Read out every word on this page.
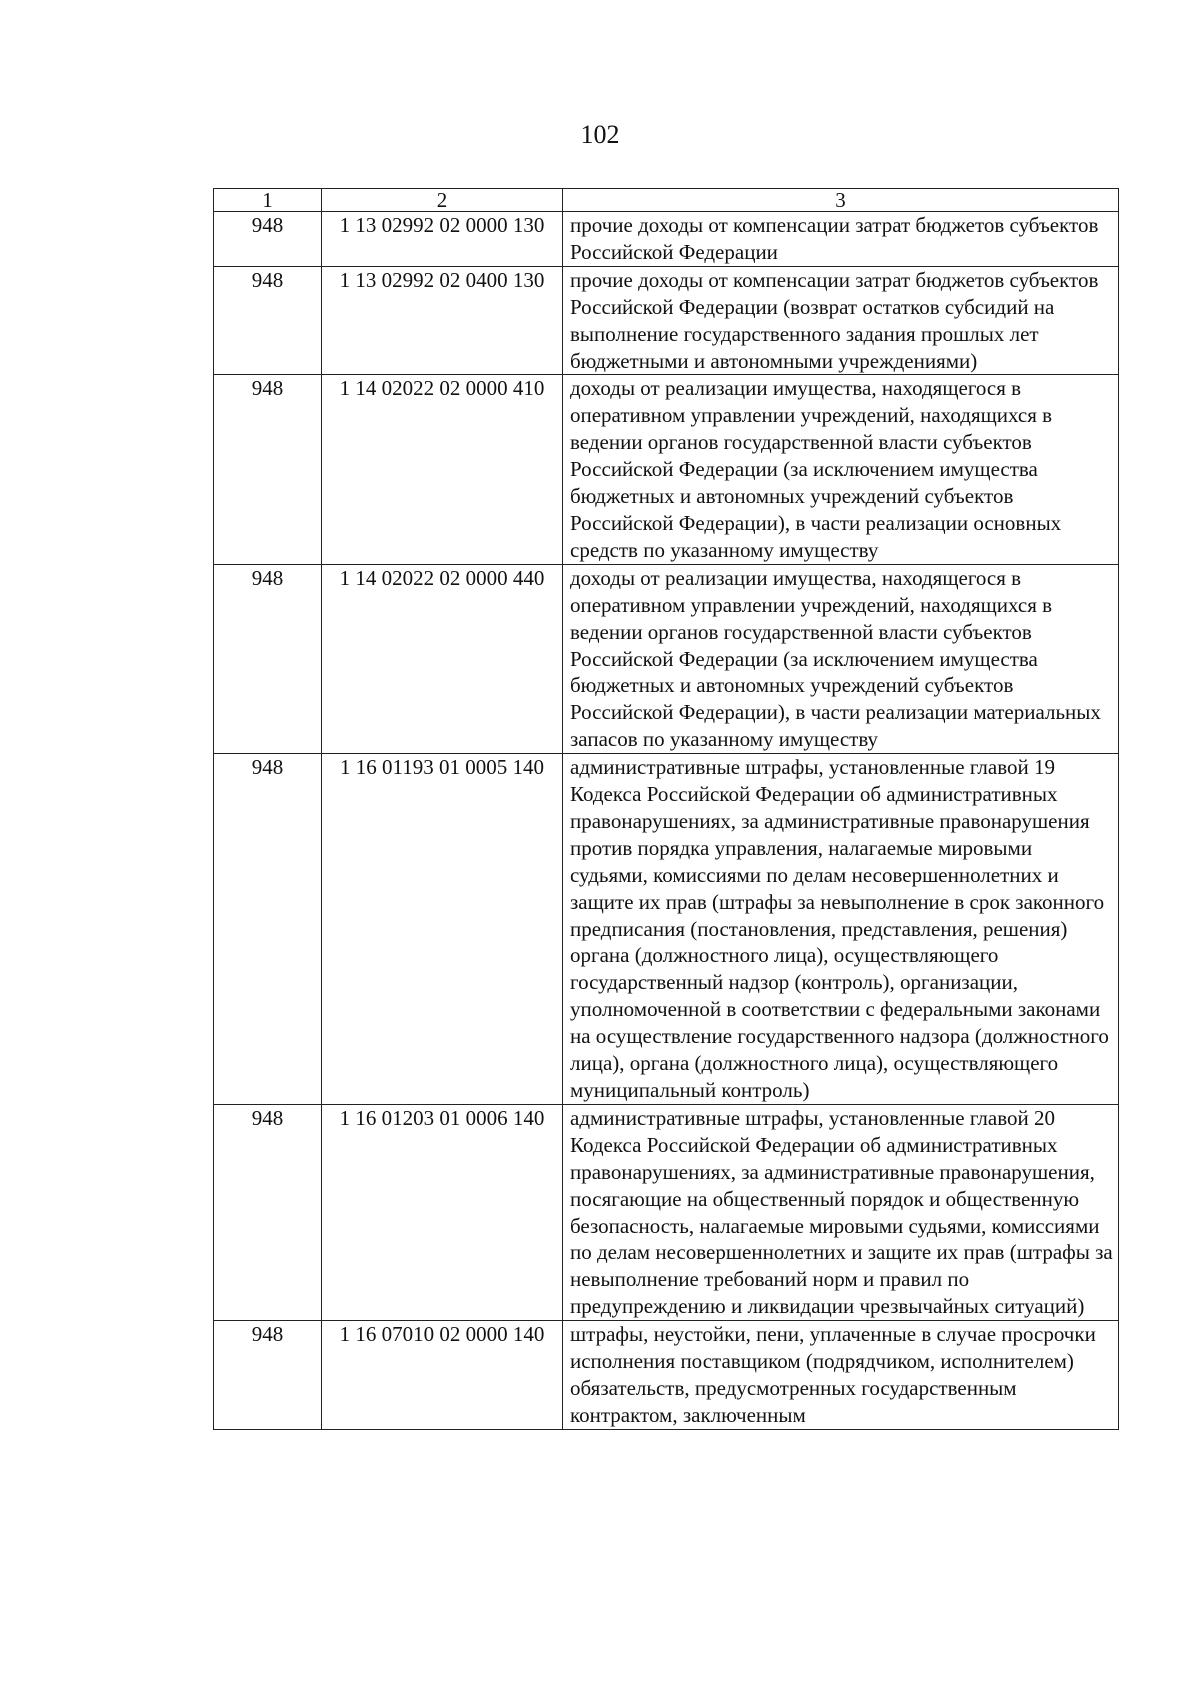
102
1	2	3
948	1 13 02992 02 0000 130	прочие доходы от компенсации затрат бюджетов субъектов Российской Федерации
948	1 13 02992 02 0400 130	прочие доходы от компенсации затрат бюджетов субъектов Российской Федерации (возврат остатков субсидий на выполнение государственного задания прошлых лет бюджетными и автономными учреждениями)
948	1 14 02022 02 0000 410	доходы от реализации имущества, находящегося в оперативном управлении учреждений, находящихся в ведении органов государственной власти субъектов Российской Федерации (за исключением имущества бюджетных и автономных учреждений субъектов Российской Федерации), в части реализации основных средств по указанному имуществу
948	1 14 02022 02 0000 440	доходы от реализации имущества, находящегося в оперативном управлении учреждений, находящихся в ведении органов государственной власти субъектов Российской Федерации (за исключением имущества бюджетных и автономных учреждений субъектов Российской Федерации), в части реализации материальных запасов по указанному имуществу
948	1 16 01193 01 0005 140	административные штрафы, установленные главой 19 Кодекса Российской Федерации об административных правонарушениях, за административные правонарушения против порядка управления, налагаемые мировыми судьями, комиссиями по делам несовершеннолетних и защите их прав (штрафы за невыполнение в срок законного предписания (постановления, представления, решения) органа (должностного лица), осуществляющего государственный надзор (контроль), организации, уполномоченной в соответствии с федеральными законами на осуществление государственного надзора (должностного лица), органа (должностного лица), осуществляющего муниципальный контроль)
948	1 16 01203 01 0006 140	административные штрафы, установленные главой 20 Кодекса Российской Федерации об административных правонарушениях, за административные правонарушения, посягающие на общественный порядок и общественную безопасность, налагаемые мировыми судьями, комиссиями по делам несовершеннолетних и защите их прав (штрафы за невыполнение требований норм и правил по предупреждению и ликвидации чрезвычайных ситуаций)
948	1 16 07010 02 0000 140	штрафы, неустойки, пени, уплаченные в случае просрочки исполнения поставщиком (подрядчиком, исполнителем) обязательств, предусмотренных государственным контрактом, заключенным
